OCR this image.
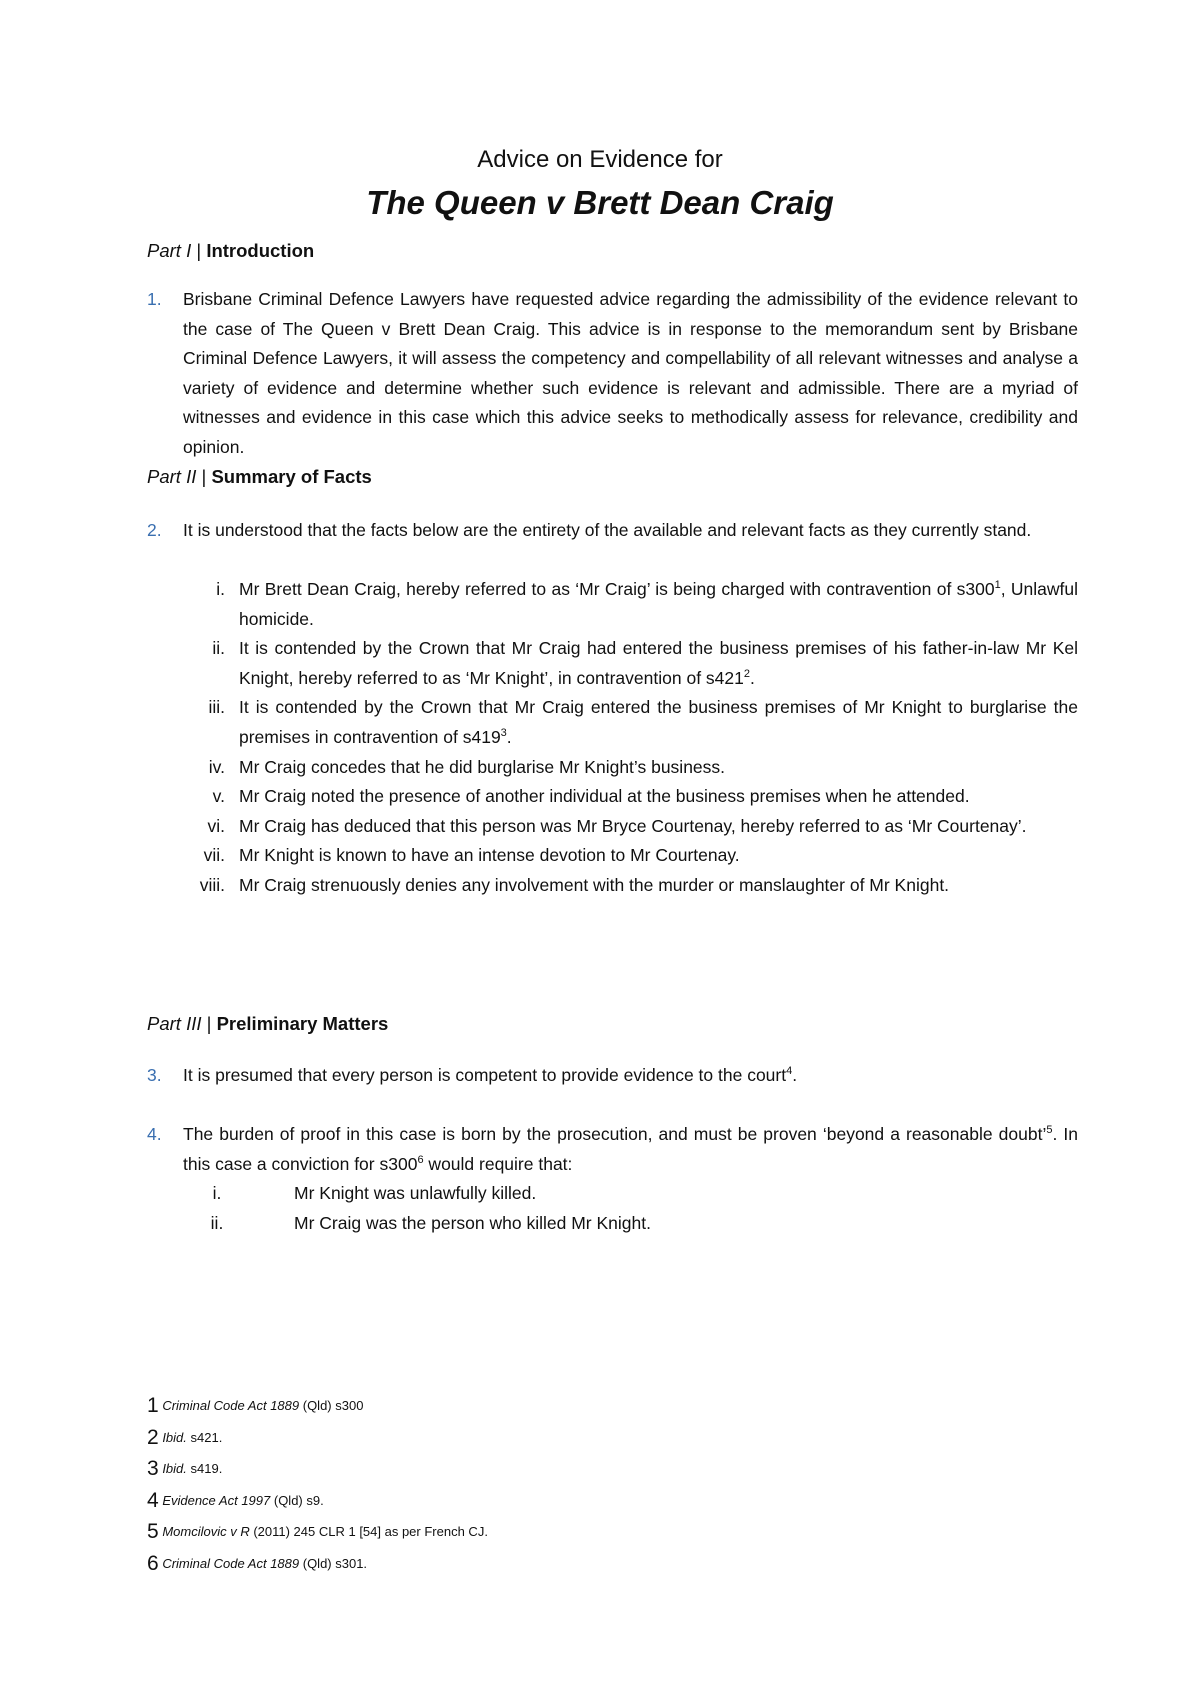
Advice on Evidence for
The Queen v Brett Dean Craig
Part I | Introduction
1.	Brisbane Criminal Defence Lawyers have requested advice regarding the admissibility of the evidence relevant to the case of The Queen v Brett Dean Craig. This advice is in response to the memorandum sent by Brisbane Criminal Defence Lawyers, it will assess the competency and compellability of all relevant witnesses and analyse a variety of evidence and determine whether such evidence is relevant and admissible. There are a myriad of witnesses and evidence in this case which this advice seeks to methodically assess for relevance, credibility and opinion.
Part II | Summary of Facts
2.	It is understood that the facts below are the entirety of the available and relevant facts as they currently stand.
i. Mr Brett Dean Craig, hereby referred to as ‘Mr Craig’ is being charged with contravention of $s300^1$, Unlawful homicide.
ii. It is contended by the Crown that Mr Craig had entered the business premises of his father-in-law Mr Kel Knight, hereby referred to as ‘Mr Knight’, in contravention of $s421^2$.
iii. It is contended by the Crown that Mr Craig entered the business premises of Mr Knight to burglarise the premises in contravention of $s419^3$.
iv. Mr Craig concedes that he did burglarise Mr Knight’s business.
v. Mr Craig noted the presence of another individual at the business premises when he attended.
vi. Mr Craig has deduced that this person was Mr Bryce Courtenay, hereby referred to as ‘Mr Courtenay’.
vii. Mr Knight is known to have an intense devotion to Mr Courtenay.
viii. Mr Craig strenuously denies any involvement with the murder or manslaughter of Mr Knight.
Part III | Preliminary Matters
3.	It is presumed that every person is competent to provide evidence to the court$^4$.
4.	The burden of proof in this case is born by the prosecution, and must be proven ‘beyond a reasonable doubt’$^5$. In this case a conviction for $s300^6$ would require that:
i.	Mr Knight was unlawfully killed.
ii.	Mr Craig was the person who killed Mr Knight.
1 Criminal Code Act 1889 (Qld) s300
2 Ibid. s421.
3 Ibid. s419.
4 Evidence Act 1997 (Qld) s9.
5 Momcilovic v R (2011) 245 CLR 1 [54] as per French CJ.
6 Criminal Code Act 1889 (Qld) s301.
